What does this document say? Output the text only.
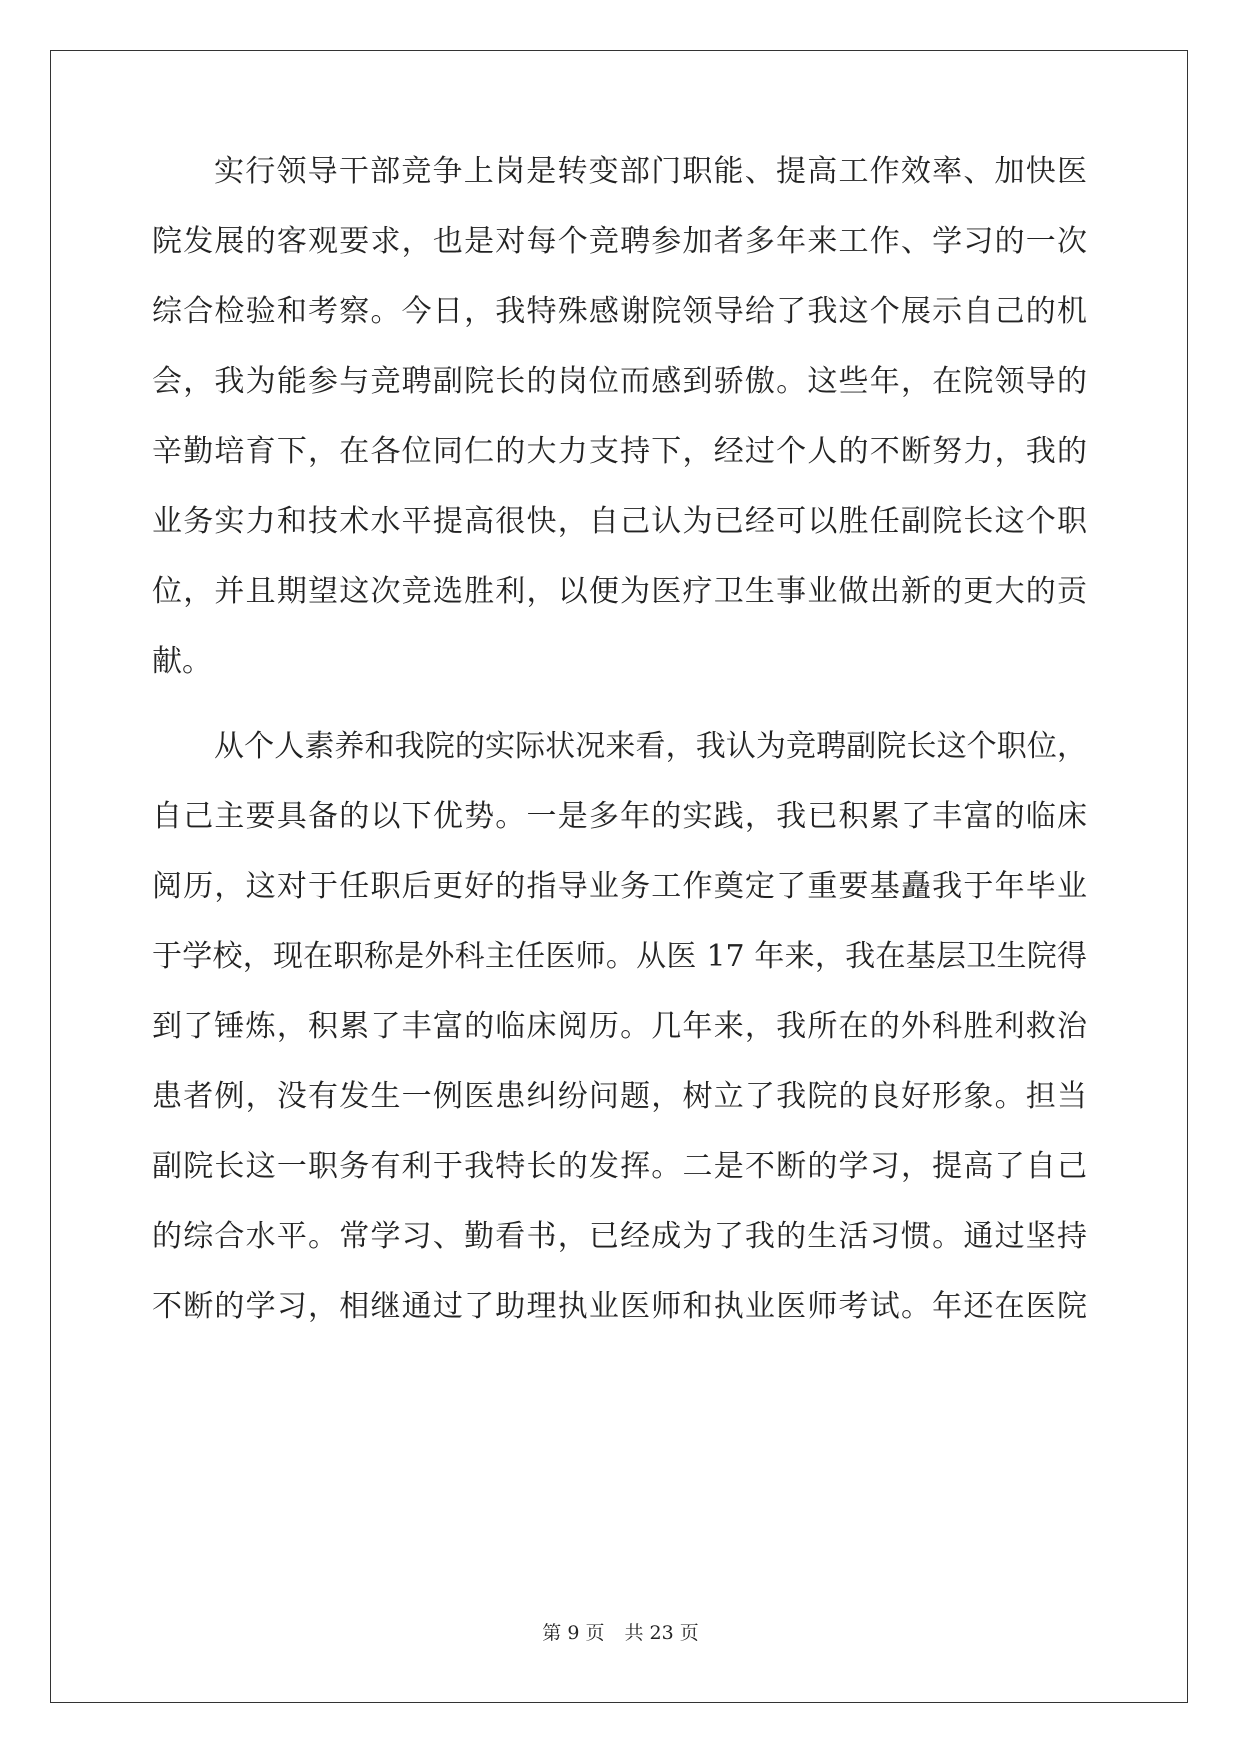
实行领导干部竞争上岗是转变部门职能、提高工作效率、加快医
院发展的客观要求，也是对每个竞聘参加者多年来工作、学习的一次
综合检验和考察。今日，我特殊感谢院领导给了我这个展示自己的机
会，我为能参与竞聘副院长的岗位而感到骄傲。这些年，在院领导的
辛勤培育下，在各位同仁的大力支持下，经过个人的不断努力，我的
业务实力和技术水平提高很快，自己认为已经可以胜任副院长这个职
位，并且期望这次竞选胜利，以便为医疗卫生事业做出新的更大的贡
献。
从个人素养和我院的实际状况来看，我认为竞聘副院长这个职位，
自己主要具备的以下优势。一是多年的实践，我已积累了丰富的临床
阅历，这对于任职后更好的指导业务工作奠定了重要基矗我于年毕业
于学校，现在职称是外科主任医师。从医 17 年来，我在基层卫生院得
到了锤炼，积累了丰富的临床阅历。几年来，我所在的外科胜利救治
患者例，没有发生一例医患纠纷问题，树立了我院的良好形象。担当
副院长这一职务有利于我特长的发挥。二是不断的学习，提高了自己
的综合水平。常学习、勤看书，已经成为了我的生活习惯。通过坚持
不断的学习，相继通过了助理执业医师和执业医师考试。年还在医院
第 9 页 共 23 页
